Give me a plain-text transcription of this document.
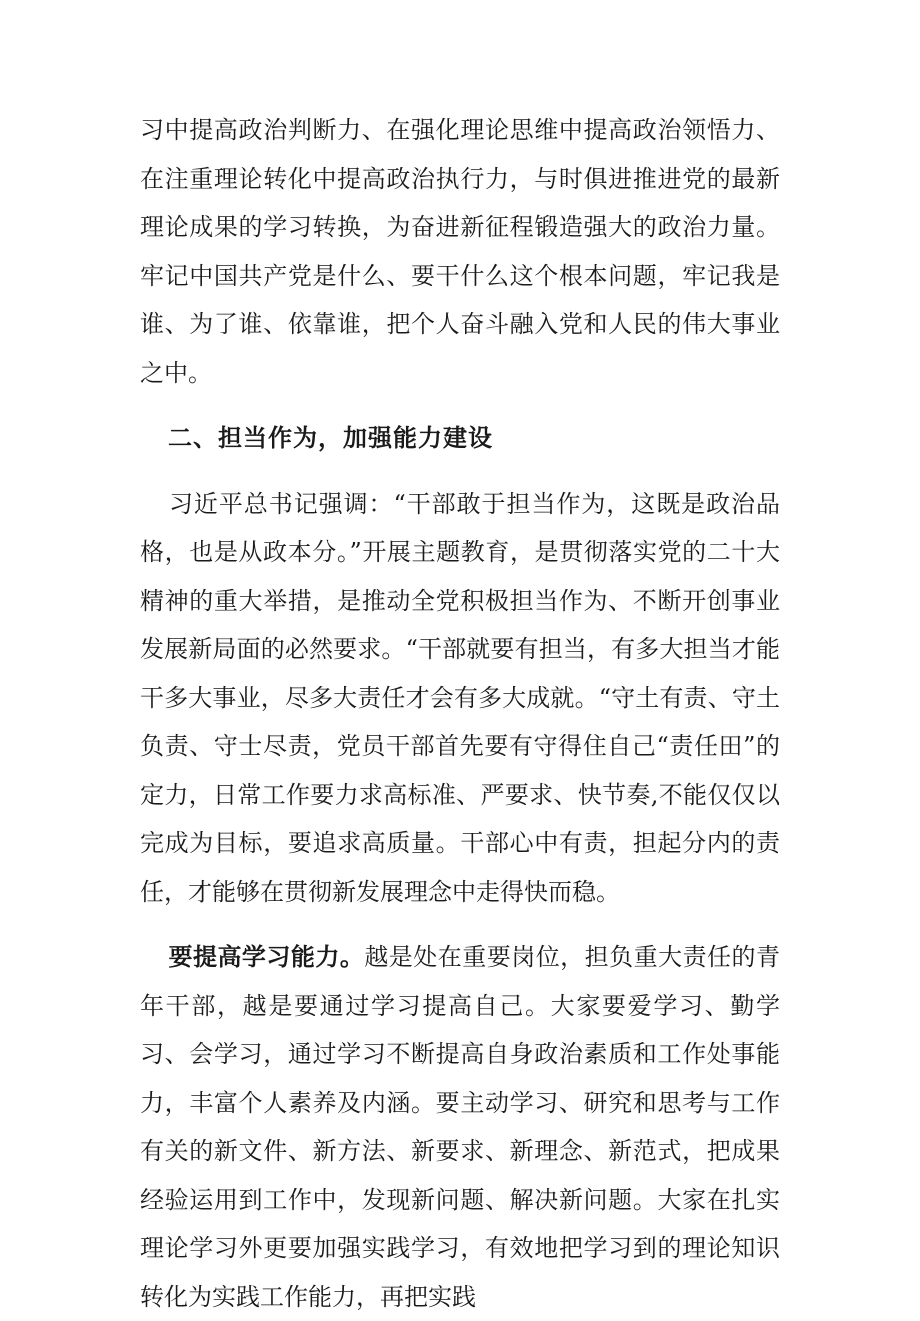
习中提高政治判断力、在强化理论思维中提高政治领悟力、在注重理论转化中提高政治执行力，与时俱进推进党的最新理论成果的学习转换，为奋进新征程锻造强大的政治力量。牢记中国共产党是什么、要干什么这个根本问题，牢记我是谁、为了谁、依靠谁，把个人奋斗融入党和人民的伟大事业之中。

二、担当作为，加强能力建设

习近平总书记强调：“干部敢于担当作为，这既是政治品格，也是从政本分。”开展主题教育，是贯彻落实党的二十大精神的重大举措，是推动全党积极担当作为、不断开创事业发展新局面的必然要求。“干部就要有担当，有多大担当才能干多大事业，尽多大责任才会有多大成就。“守土有责、守土负责、守士尽责，党员干部首先要有守得住自己“责任田”的定力，日常工作要力求高标准、严要求、快节奏,不能仅仅以完成为目标，要追求高质量。干部心中有责，担起分内的责任，才能够在贯彻新发展理念中走得快而稳。

要提高学习能力。越是处在重要岗位，担负重大责任的青年干部，越是要通过学习提高自己。大家要爱学习、勤学习、会学习，通过学习不断提高自身政治素质和工作处事能力，丰富个人素养及内涵。要主动学习、研究和思考与工作有关的新文件、新方法、新要求、新理念、新范式，把成果经验运用到工作中，发现新问题、解决新问题。大家在扎实理论学习外更要加强实践学习，有效地把学习到的理论知识转化为实践工作能力，再把实践
